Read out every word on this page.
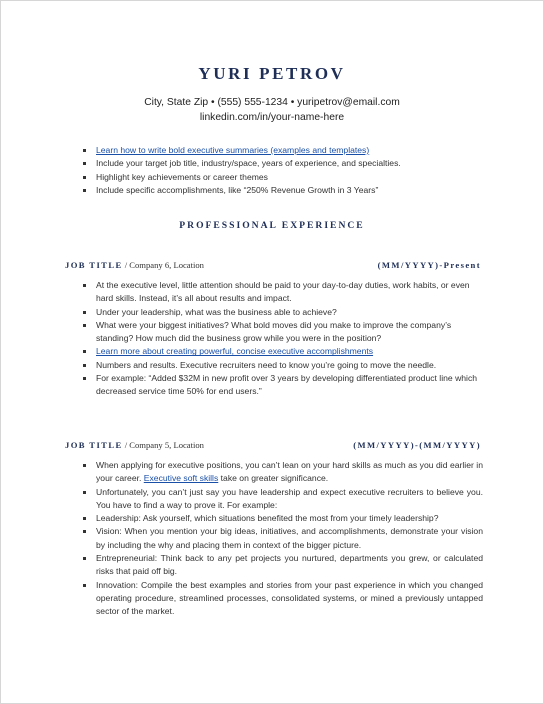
YURI PETROV
City, State Zip • (555) 555-1234 • yuripetrov@email.com
linkedin.com/in/your-name-here
Learn how to write bold executive summaries (examples and templates)
Include your target job title, industry/space, years of experience, and specialties.
Highlight key achievements or career themes
Include specific accomplishments, like “250% Revenue Growth in 3 Years”
PROFESSIONAL EXPERIENCE
JOB TITLE / Company 6, Location	(MM/YYYY)-Present
At the executive level, little attention should be paid to your day-to-day duties, work habits, or even hard skills. Instead, it’s all about results and impact.
Under your leadership, what was the business able to achieve?
What were your biggest initiatives? What bold moves did you make to improve the company’s standing? How much did the business grow while you were in the position?
Learn more about creating powerful, concise executive accomplishments
Numbers and results. Executive recruiters need to know you’re going to move the needle.
For example: “Added $32M in new profit over 3 years by developing differentiated product line which decreased service time 50% for end users.”
JOB TITLE / Company 5, Location	(MM/YYYY)-(MM/YYYY)
When applying for executive positions, you can’t lean on your hard skills as much as you did earlier in your career. Executive soft skills take on greater significance.
Unfortunately, you can’t just say you have leadership and expect executive recruiters to believe you. You have to find a way to prove it. For example:
Leadership: Ask yourself, which situations benefited the most from your timely leadership?
Vision: When you mention your big ideas, initiatives, and accomplishments, demonstrate your vision by including the why and placing them in context of the bigger picture.
Entrepreneurial: Think back to any pet projects you nurtured, departments you grew, or calculated risks that paid off big.
Innovation: Compile the best examples and stories from your past experience in which you changed operating procedure, streamlined processes, consolidated systems, or mined a previously untapped sector of the market.
